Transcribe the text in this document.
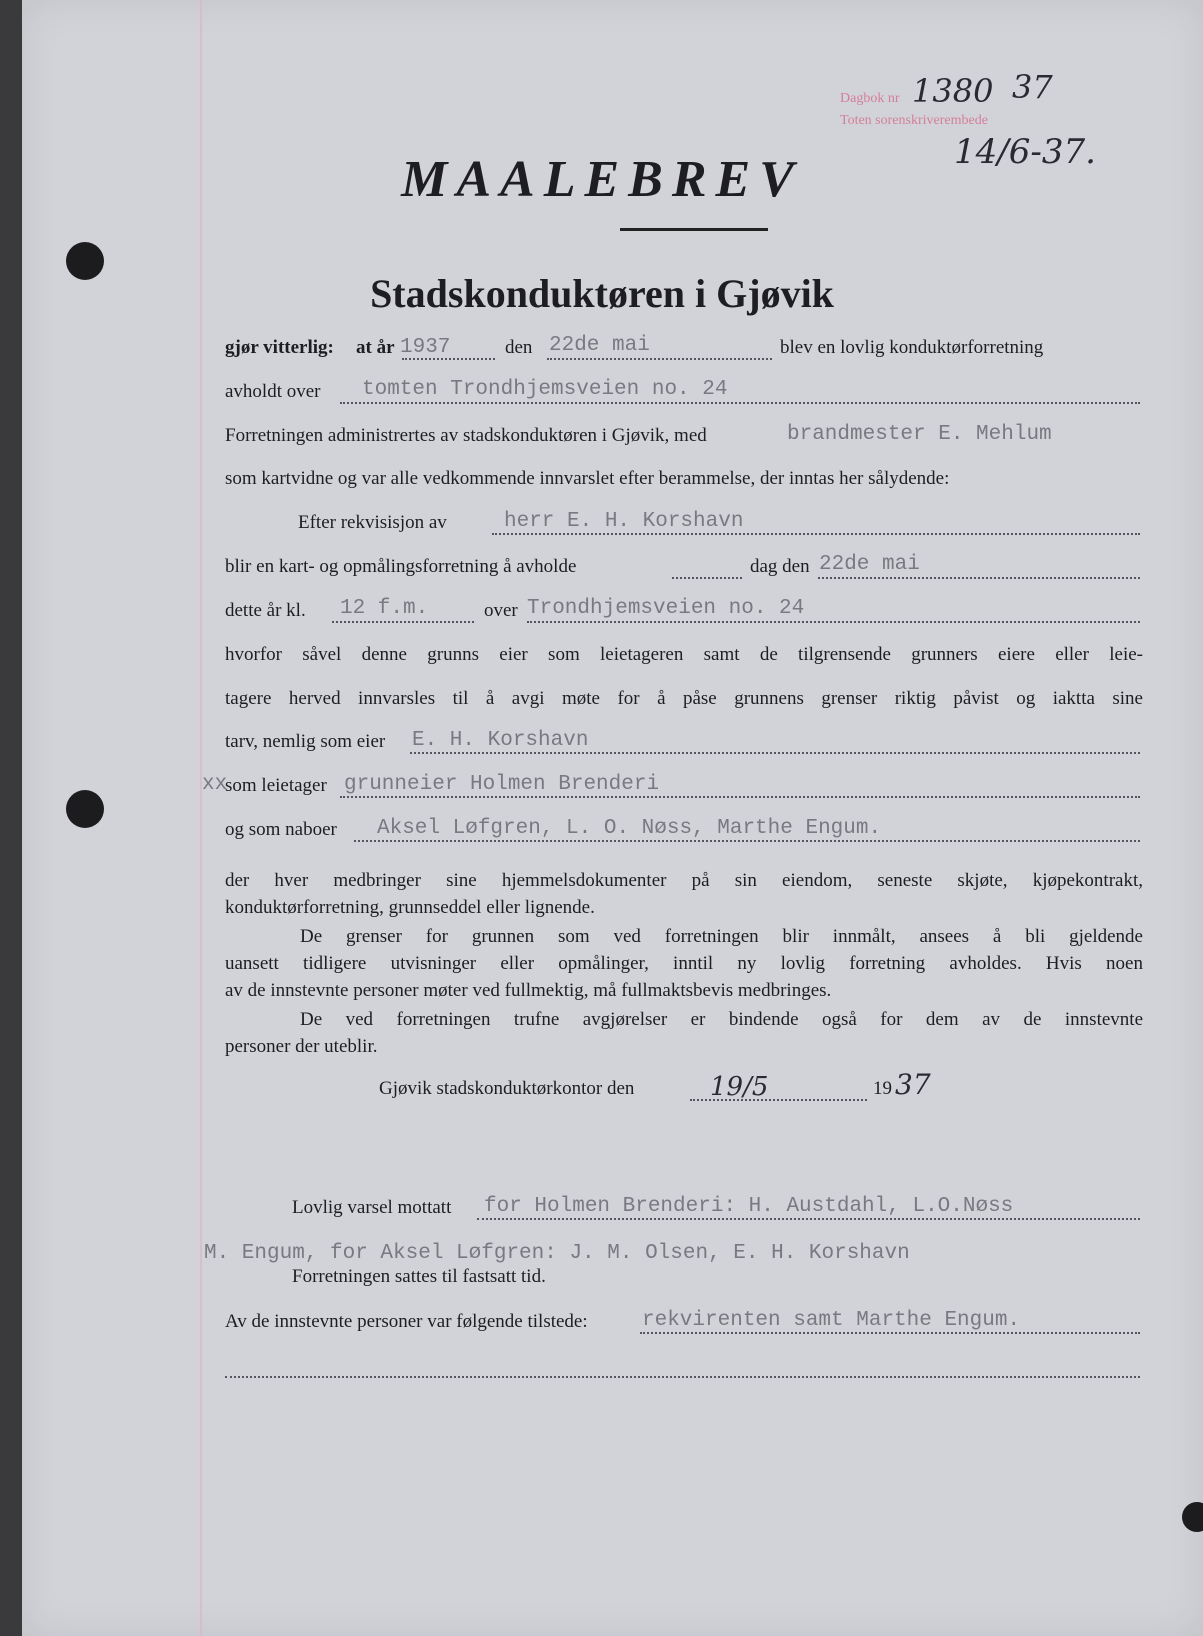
Dagbok nr
Toten sorenskriverembede
1380 37
14/6-37.
MAALEBREV
Stadskonduktøren i Gjøvik
gjør vitterlig: at år 1937	den 22de mai	blev en lovlig konduktørforretning
avholdt over tomten Trondhjemsveien no. 24
Forretningen administrertes av stadskonduktøren i Gjøvik, med	brandmester E. Mehlum
som kartvidne og var alle vedkommende innvarslet efter berammelse, der inntas her sålydende:
Efter rekvisisjon av	herr E. H. Korshavn
blir en kart- og opmålingsforretning å avholde	dag den 22de mai
dette år kl. 12 f.m.	over Trondhjemsveien no. 24
hvorfor såvel denne grunns eier som leietageren samt de tilgrensende grunners eiere eller leie-
tagere herved innvarsles til å avgi møte for å påse grunnens grenser riktig påvist og iaktta sine
tarv, nemlig som eier E. H. Korshavn
xx
som leietager grunneier Holmen Brenderi
og som naboer Aksel Løfgren, L. O. Nøss, Marthe Engum.
der hver medbringer sine hjemmelsdokumenter på sin eiendom, seneste skjøte, kjøpekontrakt,
konduktørforretning, grunnseddel eller lignende.
De grenser for grunnen som ved forretningen blir innmålt, ansees å bli gjeldende
uansett tidligere utvisninger eller opmålinger, inntil ny lovlig forretning avholdes. Hvis noen
av de innstevnte personer møter ved fullmektig, må fullmaktsbevis medbringes.
De ved forretningen trufne avgjørelser er bindende også for dem av de innstevnte
personer der uteblir.
Gjøvik stadskonduktørkontor den	19/5	19 37
Lovlig varsel mottatt for Holmen Brenderi: H. Austdahl, L.O.Nøss
M. Engum, for Aksel Løfgren: J. M. Olsen, E. H. Korshavn
Forretningen sattes til fastsatt tid.
Av de innstevnte personer var følgende tilstede:	rekvirenten samt Marthe Engum.
